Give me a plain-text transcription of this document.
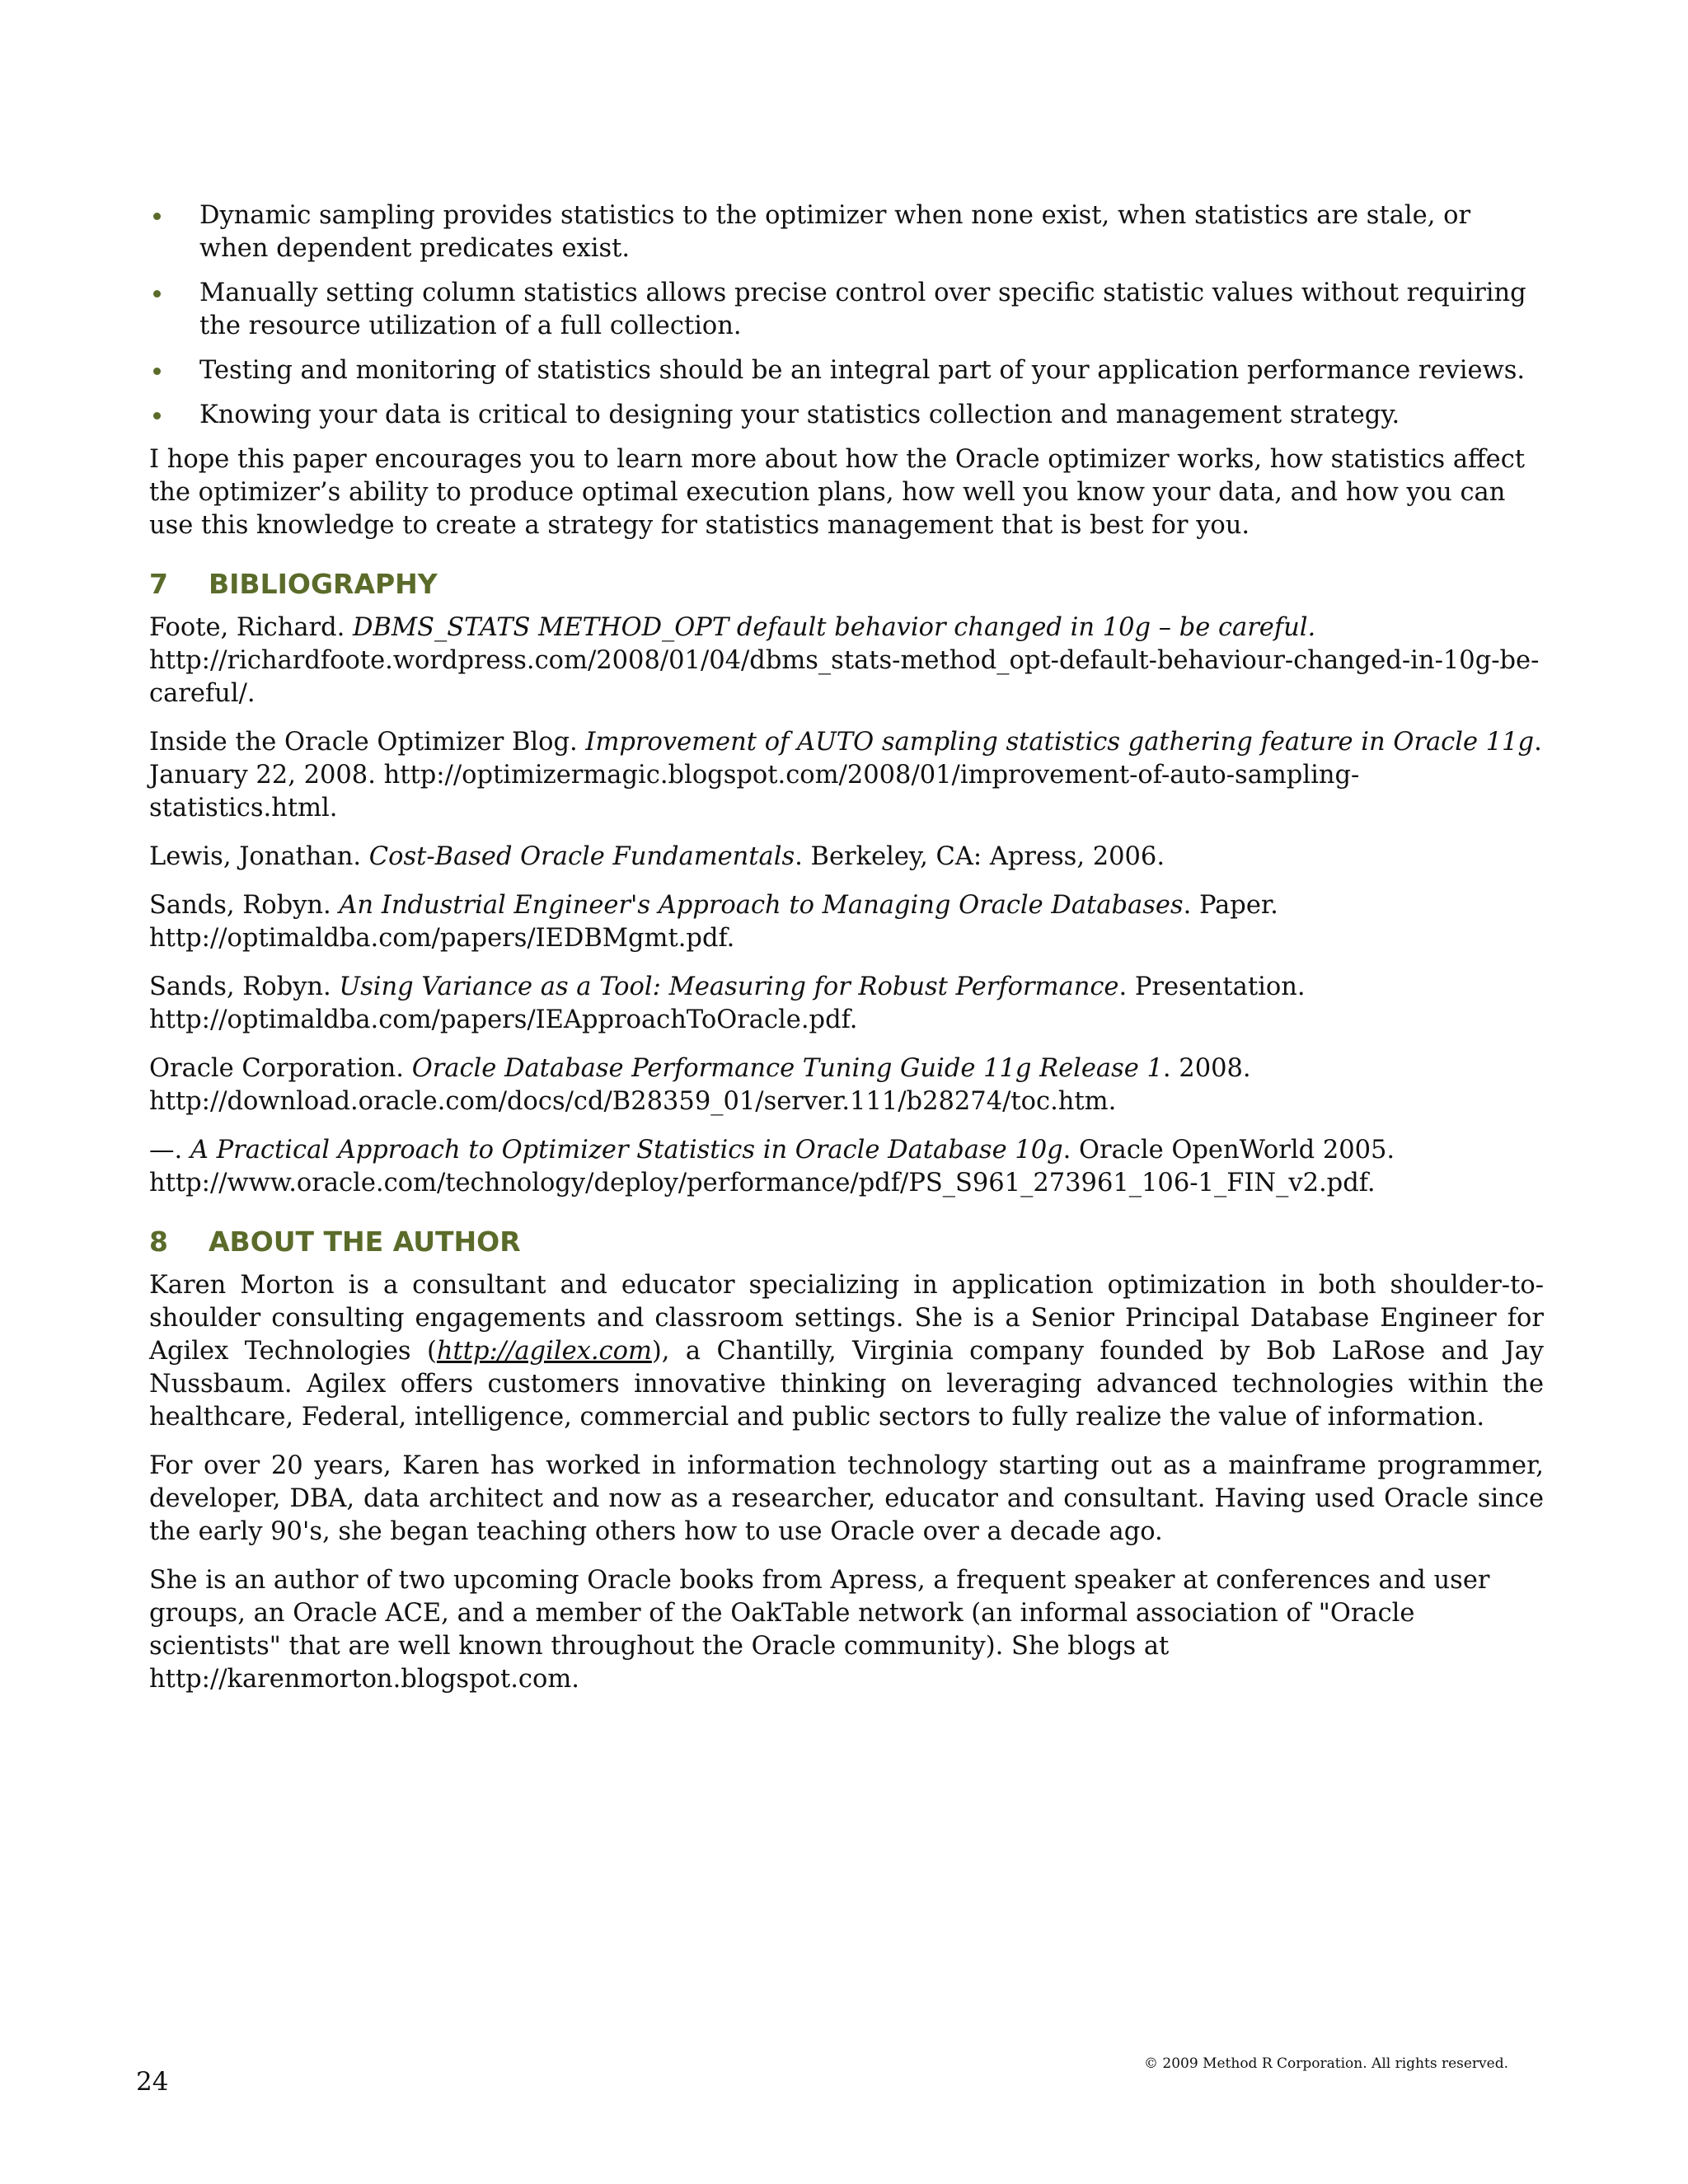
Dynamic sampling provides statistics to the optimizer when none exist, when statistics are stale, or when dependent predicates exist.
Manually setting column statistics allows precise control over specific statistic values without requiring the resource utilization of a full collection.
Testing and monitoring of statistics should be an integral part of your application performance reviews.
Knowing your data is critical to designing your statistics collection and management strategy.

I hope this paper encourages you to learn more about how the Oracle optimizer works, how statistics affect the optimizer’s ability to produce optimal execution plans, how well you know your data, and how you can use this knowledge to create a strategy for statistics management that is best for you.

7 BIBLIOGRAPHY

Foote, Richard. DBMS_STATS METHOD_OPT default behavior changed in 10g – be careful. http://richardfoote.wordpress.com/2008/01/04/dbms_stats-method_opt-default-behaviour-changed-in-10g-be-careful/.

Inside the Oracle Optimizer Blog. Improvement of AUTO sampling statistics gathering feature in Oracle 11g. January 22, 2008. http://optimizermagic.blogspot.com/2008/01/improvement-of-auto-sampling-statistics.html.

Lewis, Jonathan. Cost-Based Oracle Fundamentals. Berkeley, CA: Apress, 2006.

Sands, Robyn. An Industrial Engineer's Approach to Managing Oracle Databases. Paper. http://optimaldba.com/papers/IEDBMgmt.pdf.

Sands, Robyn. Using Variance as a Tool: Measuring for Robust Performance. Presentation. http://optimaldba.com/papers/IEApproachToOracle.pdf.

Oracle Corporation. Oracle Database Performance Tuning Guide 11g Release 1. 2008. http://download.oracle.com/docs/cd/B28359_01/server.111/b28274/toc.htm.

—. A Practical Approach to Optimizer Statistics in Oracle Database 10g. Oracle OpenWorld 2005. http://www.oracle.com/technology/deploy/performance/pdf/PS_S961_273961_106-1_FIN_v2.pdf.

8 ABOUT THE AUTHOR

Karen Morton is a consultant and educator specializing in application optimization in both shoulder-to-shoulder consulting engagements and classroom settings. She is a Senior Principal Database Engineer for Agilex Technologies (http://agilex.com), a Chantilly, Virginia company founded by Bob LaRose and Jay Nussbaum. Agilex offers customers innovative thinking on leveraging advanced technologies within the healthcare, Federal, intelligence, commercial and public sectors to fully realize the value of information.

For over 20 years, Karen has worked in information technology starting out as a mainframe programmer, developer, DBA, data architect and now as a researcher, educator and consultant. Having used Oracle since the early 90's, she began teaching others how to use Oracle over a decade ago.

She is an author of two upcoming Oracle books from Apress, a frequent speaker at conferences and user groups, an Oracle ACE, and a member of the OakTable network (an informal association of "Oracle scientists" that are well known throughout the Oracle community). She blogs at http://karenmorton.blogspot.com.

24
© 2009 Method R Corporation. All rights reserved.
